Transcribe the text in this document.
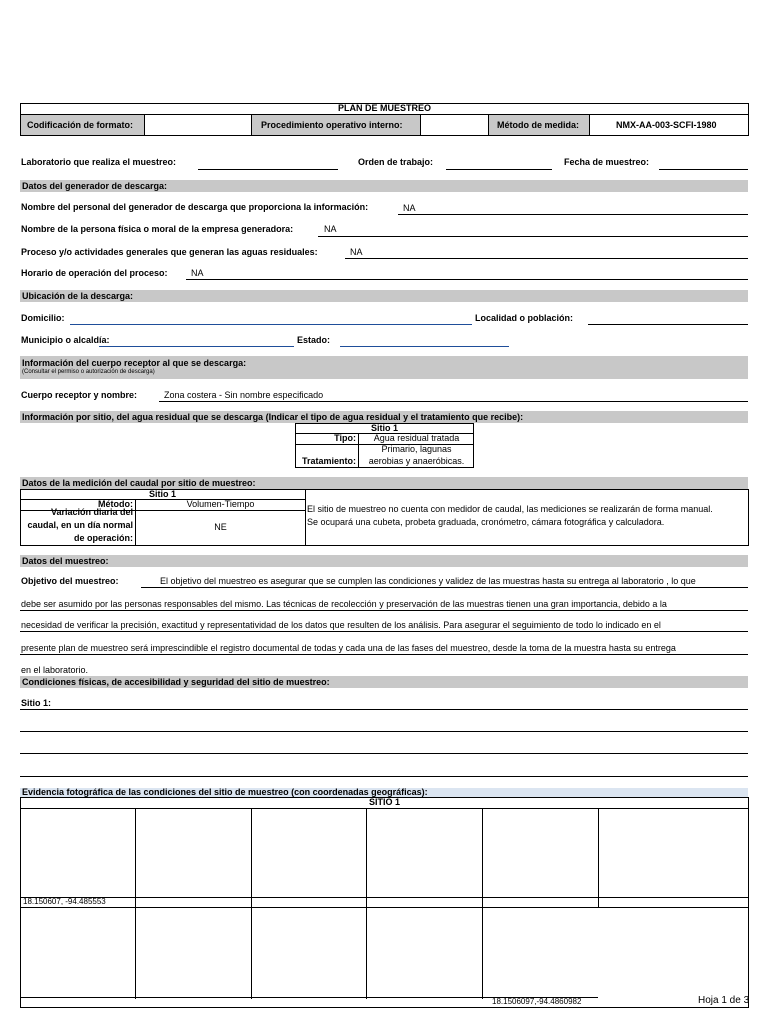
PLAN DE MUESTREO
Codificación de formato:	Procedimiento operativo interno:	Método de medida:	NMX-AA-003-SCFI-1980
Laboratorio que realiza el muestreo:	Orden de trabajo:	Fecha de muestreo:
Datos del generador de descarga:
Nombre del personal del generador de descarga que proporciona la información:	NA
Nombre de la persona física o moral de la empresa generadora:	NA
Proceso y/o actividades generales que generan las aguas residuales:	NA
Horario de operación del proceso:	NA
Ubicación de la descarga:
Domicilio:	Localidad o población:
Municipio o alcaldía:	Estado:
Información del cuerpo receptor al que se descarga:
(Consultar el permiso o autorización de descarga)
Cuerpo receptor y nombre:	Zona costera - Sin nombre especificado
Información por sitio, del agua residual que se descarga (Indicar el tipo de agua residual y el tratamiento que recibe):
Sitio 1
Tipo:	Agua residual tratada
Tratamiento:
Primario, lagunas
aerobias y anaeróbicas.
Datos de la medición del caudal por sitio de muestreo:
Sitio 1
Método:	Volumen-Tiempo
Variación diaria del
caudal, en un día normal
de operación:
NE
El sitio de muestreo no cuenta con medidor de caudal, las mediciones se realizarán de forma manual.
Se ocupará una cubeta, probeta graduada, cronómetro, cámara fotográfica y calculadora.
Datos del muestreo:
Objetivo del muestreo:	El objetivo del muestreo es asegurar que se cumplen las condiciones y validez de las muestras hasta su entrega al laboratorio , lo que
debe ser asumido por las personas responsables del mismo. Las técnicas de recolección y preservación de las muestras tienen una gran importancia, debido a la
necesidad de verificar la precisión, exactitud y representatividad de los datos que resulten de los análisis. Para asegurar el seguimiento de todo lo indicado en el
presente plan de muestreo será imprescindible el registro documental de todas y cada una de las fases del muestreo, desde la toma de la muestra hasta su entrega
en el laboratorio.
Condiciones físicas, de accesibilidad y seguridad del sitio de muestreo:
Sitio 1:
Evidencia fotográfica de las condiciones del sitio de muestreo (con coordenadas geográficas):
SITIO 1
18.150607, -94.485553
18.1506097,-94.4860982	Hoja 1 de 3
